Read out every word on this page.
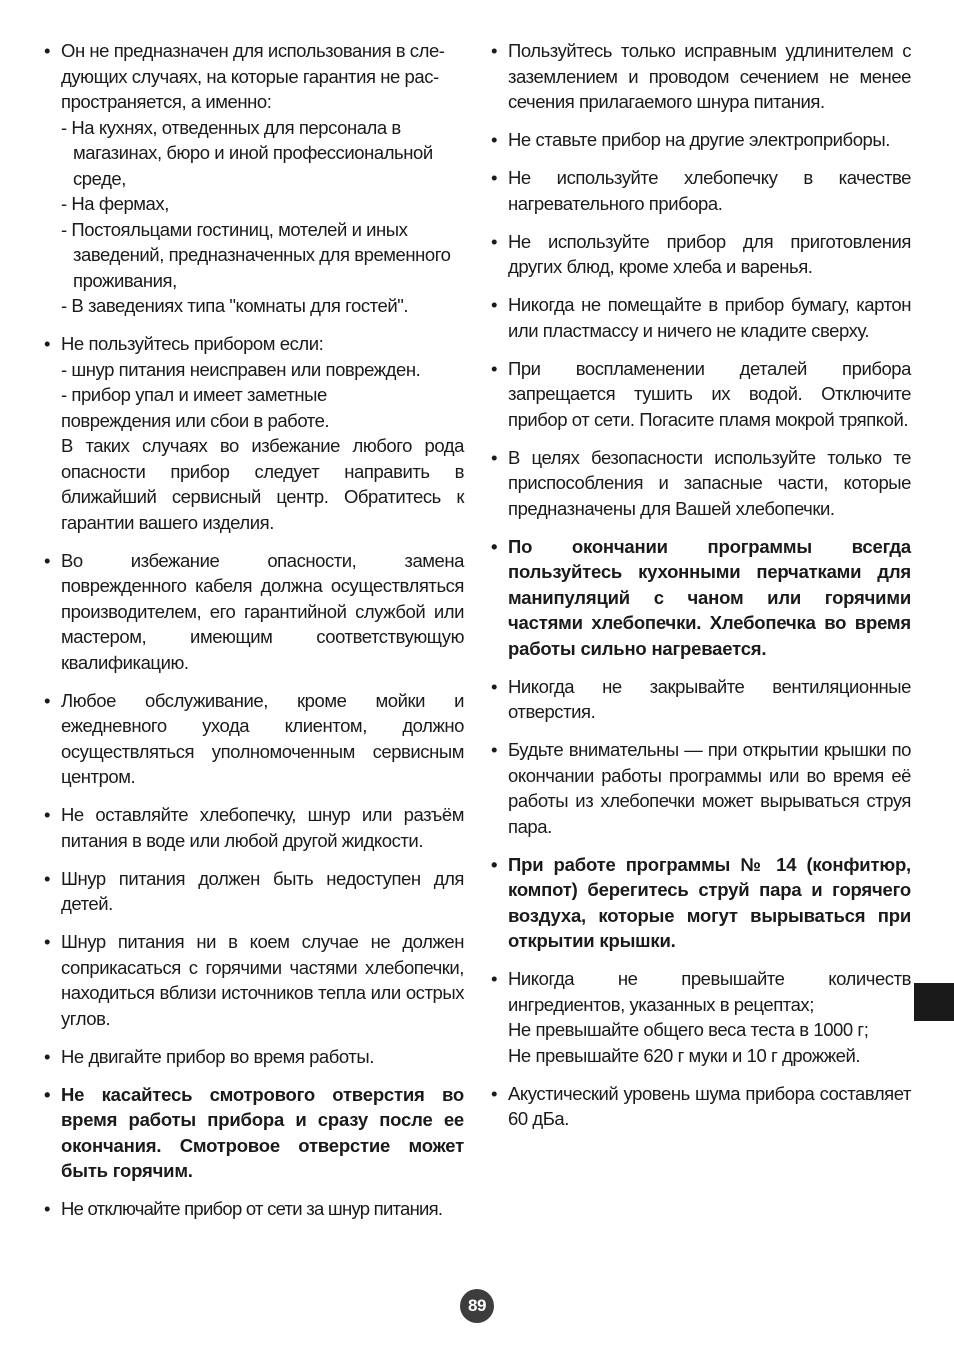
• Он не предназначен для использования в сле-
дующих случаях, на которые гарантия не рас-
пространяется, а именно:
- На кухнях, отведенных для персонала в магазинах, бюро и иной профессиональной среде,
- На фермах,
- Постояльцами гостиниц, мотелей и иных заведений, предназначенных для временного проживания,
- В заведениях типа "комнаты для гостей".
• Не пользуйтесь прибором если:
- шнур питания неисправен или поврежден.
- прибор упал и имеет заметные
повреждения или сбои в работе.
В таких случаях во избежание любого рода опасности прибор следует направить в ближайший сервисный центр. Обратитесь к гарантии вашего изделия.
• Во избежание опасности, замена поврежденного кабеля должна осуществляться производителем, его гарантийной службой или мастером, имеющим соответствующую квалификацию.
• Любое обслуживание, кроме мойки и ежедневного ухода клиентом, должно осуществляться уполномоченным сервисным центром.
• Не оставляйте хлебопечку, шнур или разъём питания в воде или любой другой жидкости.
• Шнур питания должен быть недоступен для детей.
• Шнур питания ни в коем случае не должен соприкасаться с горячими частями хлебопечки, находиться вблизи источников тепла или острых углов.
• Не двигайте прибор во время работы.
• Не касайтесь смотрового отверстия во время работы прибора и сразу после ее окончания. Смотровое отверстие может быть горячим.
• Не отключайте прибор от сети за шнур питания.
• Пользуйтесь только исправным удлинителем с заземлением и проводом сечением не менее сечения прилагаемого шнура питания.
• Не ставьте прибор на другие электроприборы.
• Не используйте хлебопечку в качестве нагревательного прибора.
• Не используйте прибор для приготовления других блюд, кроме хлеба и варенья.
• Никогда не помещайте в прибор бумагу, картон или пластмассу и ничего не кладите сверху.
• При воспламенении деталей прибора запрещается тушить их водой. Отключите прибор от сети. Погасите пламя мокрой тряпкой.
• В целях безопасности используйте только те приспособления и запасные части, которые предназначены для Вашей хлебопечки.
• По окончании программы всегда пользуйтесь кухонными перчатками для манипуляций с чаном или горячими частями хлебопечки. Хлебопечка во время работы сильно нагревается.
• Никогда не закрывайте вентиляционные отверстия.
• Будьте внимательны — при открытии крышки по окончании работы программы или во время её работы из хлебопечки может вырываться струя пара.
• При работе программы № 14 (конфитюр, компот) берегитесь струй пара и горячего воздуха, которые могут вырываться при открытии крышки.
• Никогда не превышайте количеств ингредиентов, указанных в рецептах;
Не превышайте общего веса теста в 1000 г;
Не превышайте 620 г муки и 10 г дрожжей.
• Акустический уровень шума прибора составляет 60 дБа.
89
